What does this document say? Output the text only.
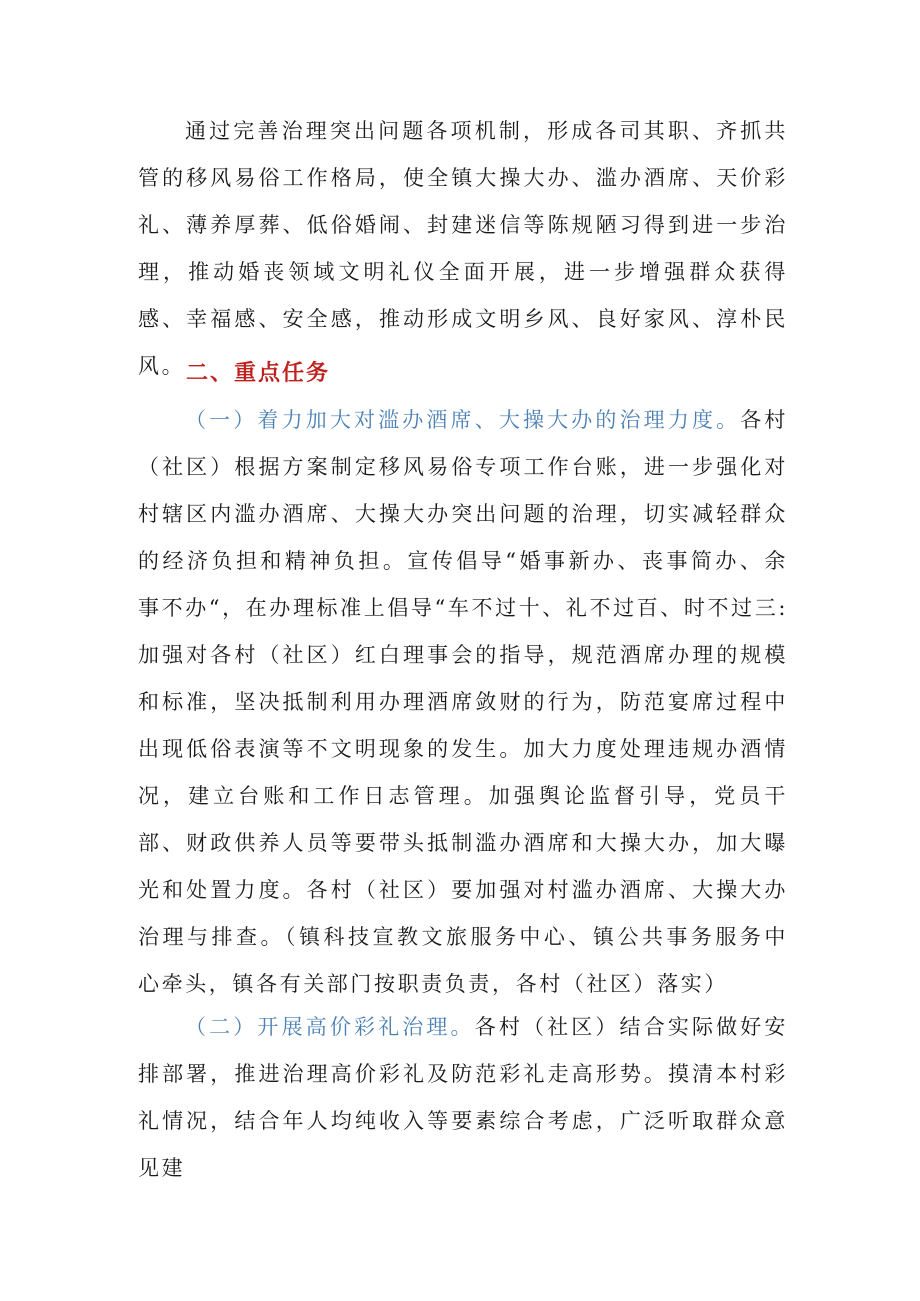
通过完善治理突出问题各项机制，形成各司其职、齐抓共管的移风易俗工作格局，使全镇大操大办、滥办酒席、天价彩礼、薄养厚葬、低俗婚闹、封建迷信等陈规陋习得到进一步治理，推动婚丧领域文明礼仪全面开展，进一步增强群众获得感、幸福感、安全感，推动形成文明乡风、良好家风、淳朴民风。 二、重点任务

（一）着力加大对滥办酒席、大操大办的治理力度。各村（社区）根据方案制定移风易俗专项工作台账，进一步强化对村辖区内滥办酒席、大操大办突出问题的治理，切实减轻群众的经济负担和精神负担。宣传倡导“婚事新办、丧事简办、余事不办“，在办理标准上倡导“车不过十、礼不过百、时不过三:加强对各村（社区）红白理事会的指导，规范酒席办理的规模和标准，坚决抵制利用办理酒席敛财的行为，防范宴席过程中出现低俗表演等不文明现象的发生。加大力度处理违规办酒情况，建立台账和工作日志管理。加强舆论监督引导，党员干部、财政供养人员等要带头抵制滥办酒席和大操大办，加大曝光和处置力度。各村（社区）要加强对村滥办酒席、大操大办治理与排查。（镇科技宣教文旅服务中心、镇公共事务服务中心牵头，镇各有关部门按职责负责，各村（社区）落实）

（二）开展高价彩礼治理。各村（社区）结合实际做好安排部署，推进治理高价彩礼及防范彩礼走高形势。摸清本村彩礼情况，结合年人均纯收入等要素综合考虑，广泛听取群众意见建
